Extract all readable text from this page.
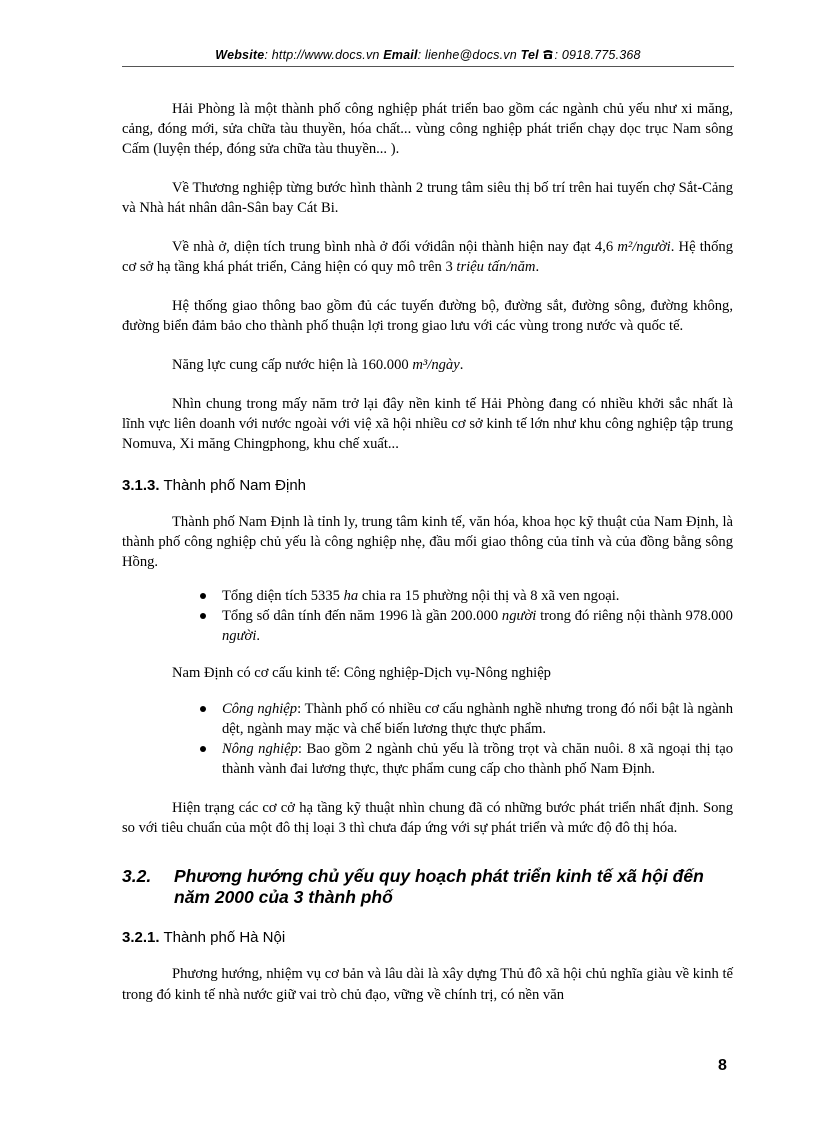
Website: http://www.docs.vn Email: lienhe@docs.vn Tel : 0918.775.368

Hải Phòng là một thành phố công nghiệp phát triển bao gồm các ngành chủ yếu như xi măng, cảng, đóng mới, sửa chữa tàu thuyền, hóa chất... vùng công nghiệp phát triển chạy dọc trục Nam sông Cấm (luyện thép, đóng sửa chữa tàu thuyền... ).

Về Thương nghiệp từng bước hình thành 2 trung tâm siêu thị bố trí trên hai tuyến chợ Sắt-Cảng và Nhà hát nhân dân-Sân bay Cát Bi.

Về nhà ở, diện tích trung bình nhà ở đối vớidân nội thành hiện nay đạt 4,6 m²/người. Hệ thống cơ sở hạ tầng khá phát triển, Cảng hiện có quy mô trên 3 triệu tấn/năm.

Hệ thống giao thông bao gồm đủ các tuyến đường bộ, đường sắt, đường sông, đường không, đường biển đảm bảo cho thành phố thuận lợi trong giao lưu với các vùng trong nước và quốc tế.

Năng lực cung cấp nước hiện là 160.000 m³/ngày.

Nhìn chung trong mấy năm trở lại đây nền kinh tế Hải Phòng đang có nhiều khởi sắc nhất là lĩnh vực liên doanh với nước ngoài với việ xã hội nhiều cơ sở kinh tế lớn như khu công nghiệp tập trung Nomuva, Xi măng Chingphong, khu chế xuất...

3.1.3. Thành phố Nam Định

Thành phố Nam Định là tỉnh ly, trung tâm kinh tế, văn hóa, khoa học kỹ thuật của Nam Định, là thành phố công nghiệp chủ yếu là công nghiệp nhẹ, đầu mối giao thông của tỉnh và của đồng bằng sông Hồng.

Tổng diện tích 5335 ha chia ra 15 phường nội thị và 8 xã ven ngoại.
Tổng số dân tính đến năm 1996 là gần 200.000 người trong đó riêng nội thành 978.000 người.

Nam Định có cơ cấu kinh tế: Công nghiệp-Dịch vụ-Nông nghiệp

Công nghiệp: Thành phố có nhiều cơ cấu nghành nghề nhưng trong đó nổi bật là ngành dệt, ngành may mặc và chế biến lương thực thực phẩm.
Nông nghiệp: Bao gồm 2 ngành chủ yếu là trồng trọt và chăn nuôi. 8 xã ngoại thị tạo thành vành đai lương thực, thực phẩm cung cấp cho thành phố Nam Định.

Hiện trạng các cơ cở hạ tầng kỹ thuật nhìn chung đã có những bước phát triển nhất định. Song so với tiêu chuẩn của một đô thị loại 3 thì chưa đáp ứng với sự phát triển và mức độ đô thị hóa.

3.2.	Phương hướng chủ yếu quy hoạch phát triển kinh tế xã hội đến năm 2000 của 3 thành phố
3.2.1. Thành phố Hà Nội

Phương hướng, nhiệm vụ cơ bản và lâu dài là xây dựng Thủ đô xã hội chủ nghĩa giàu về kinh tế trong đó kinh tế nhà nước giữ vai trò chủ đạo, vững về chính trị, có nền văn

8
